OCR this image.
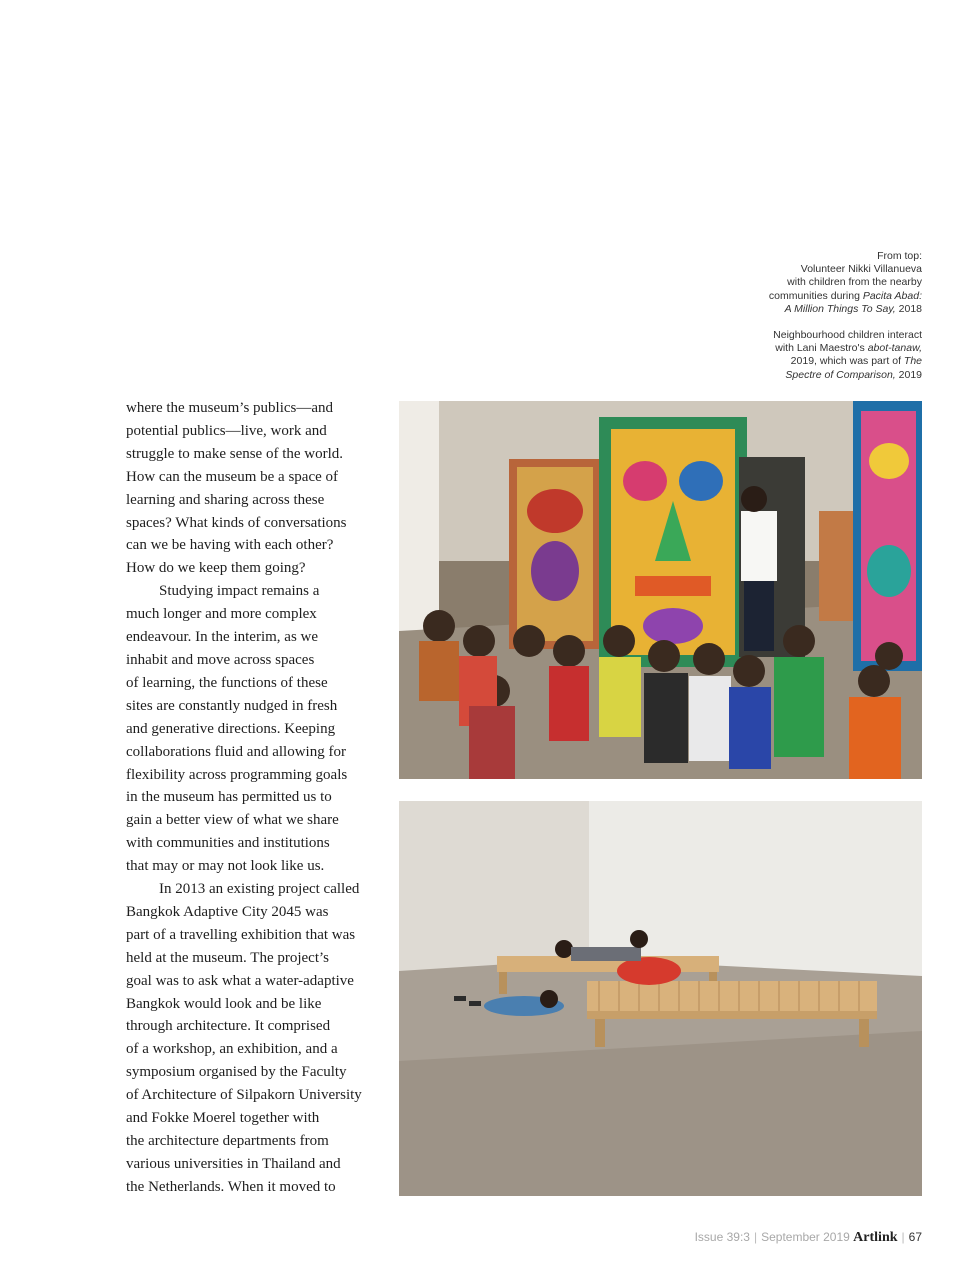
From top:

Volunteer Nikki Villanueva

with children from the nearby

communities during Pacita Abad:

A Million Things To Say, 2018

Neighbourhood children interact

with Lani Maestro's abot-tanaw,

2019, which was part of The

Spectre of Comparison, 2019

where the museum’s publics—and
potential publics—live, work and
struggle to make sense of the world.
How can the museum be a space of
learning and sharing across these
spaces? What kinds of conversations
can we be having with each other?
How do we keep them going?
Studying impact remains a
much longer and more complex
endeavour. In the interim, as we
inhabit and move across spaces
of learning, the functions of these
sites are constantly nudged in fresh
and generative directions. Keeping
collaborations fluid and allowing for
flexibility across programming goals
in the museum has permitted us to
gain a better view of what we share
with communities and institutions
that may or may not look like us.
In 2013 an existing project called
Bangkok Adaptive City 2045 was
part of a travelling exhibition that was
held at the museum. The project’s
goal was to ask what a water-adaptive
Bangkok would look and be like
through architecture. It comprised
of a workshop, an exhibition, and a
symposium organised by the Faculty
of Architecture of Silpakorn University
and Fokke Moerel together with
the architecture departments from
various universities in Thailand and
the Netherlands. When it moved to
Issue 39:3 | September 2019 Artlink | 67
